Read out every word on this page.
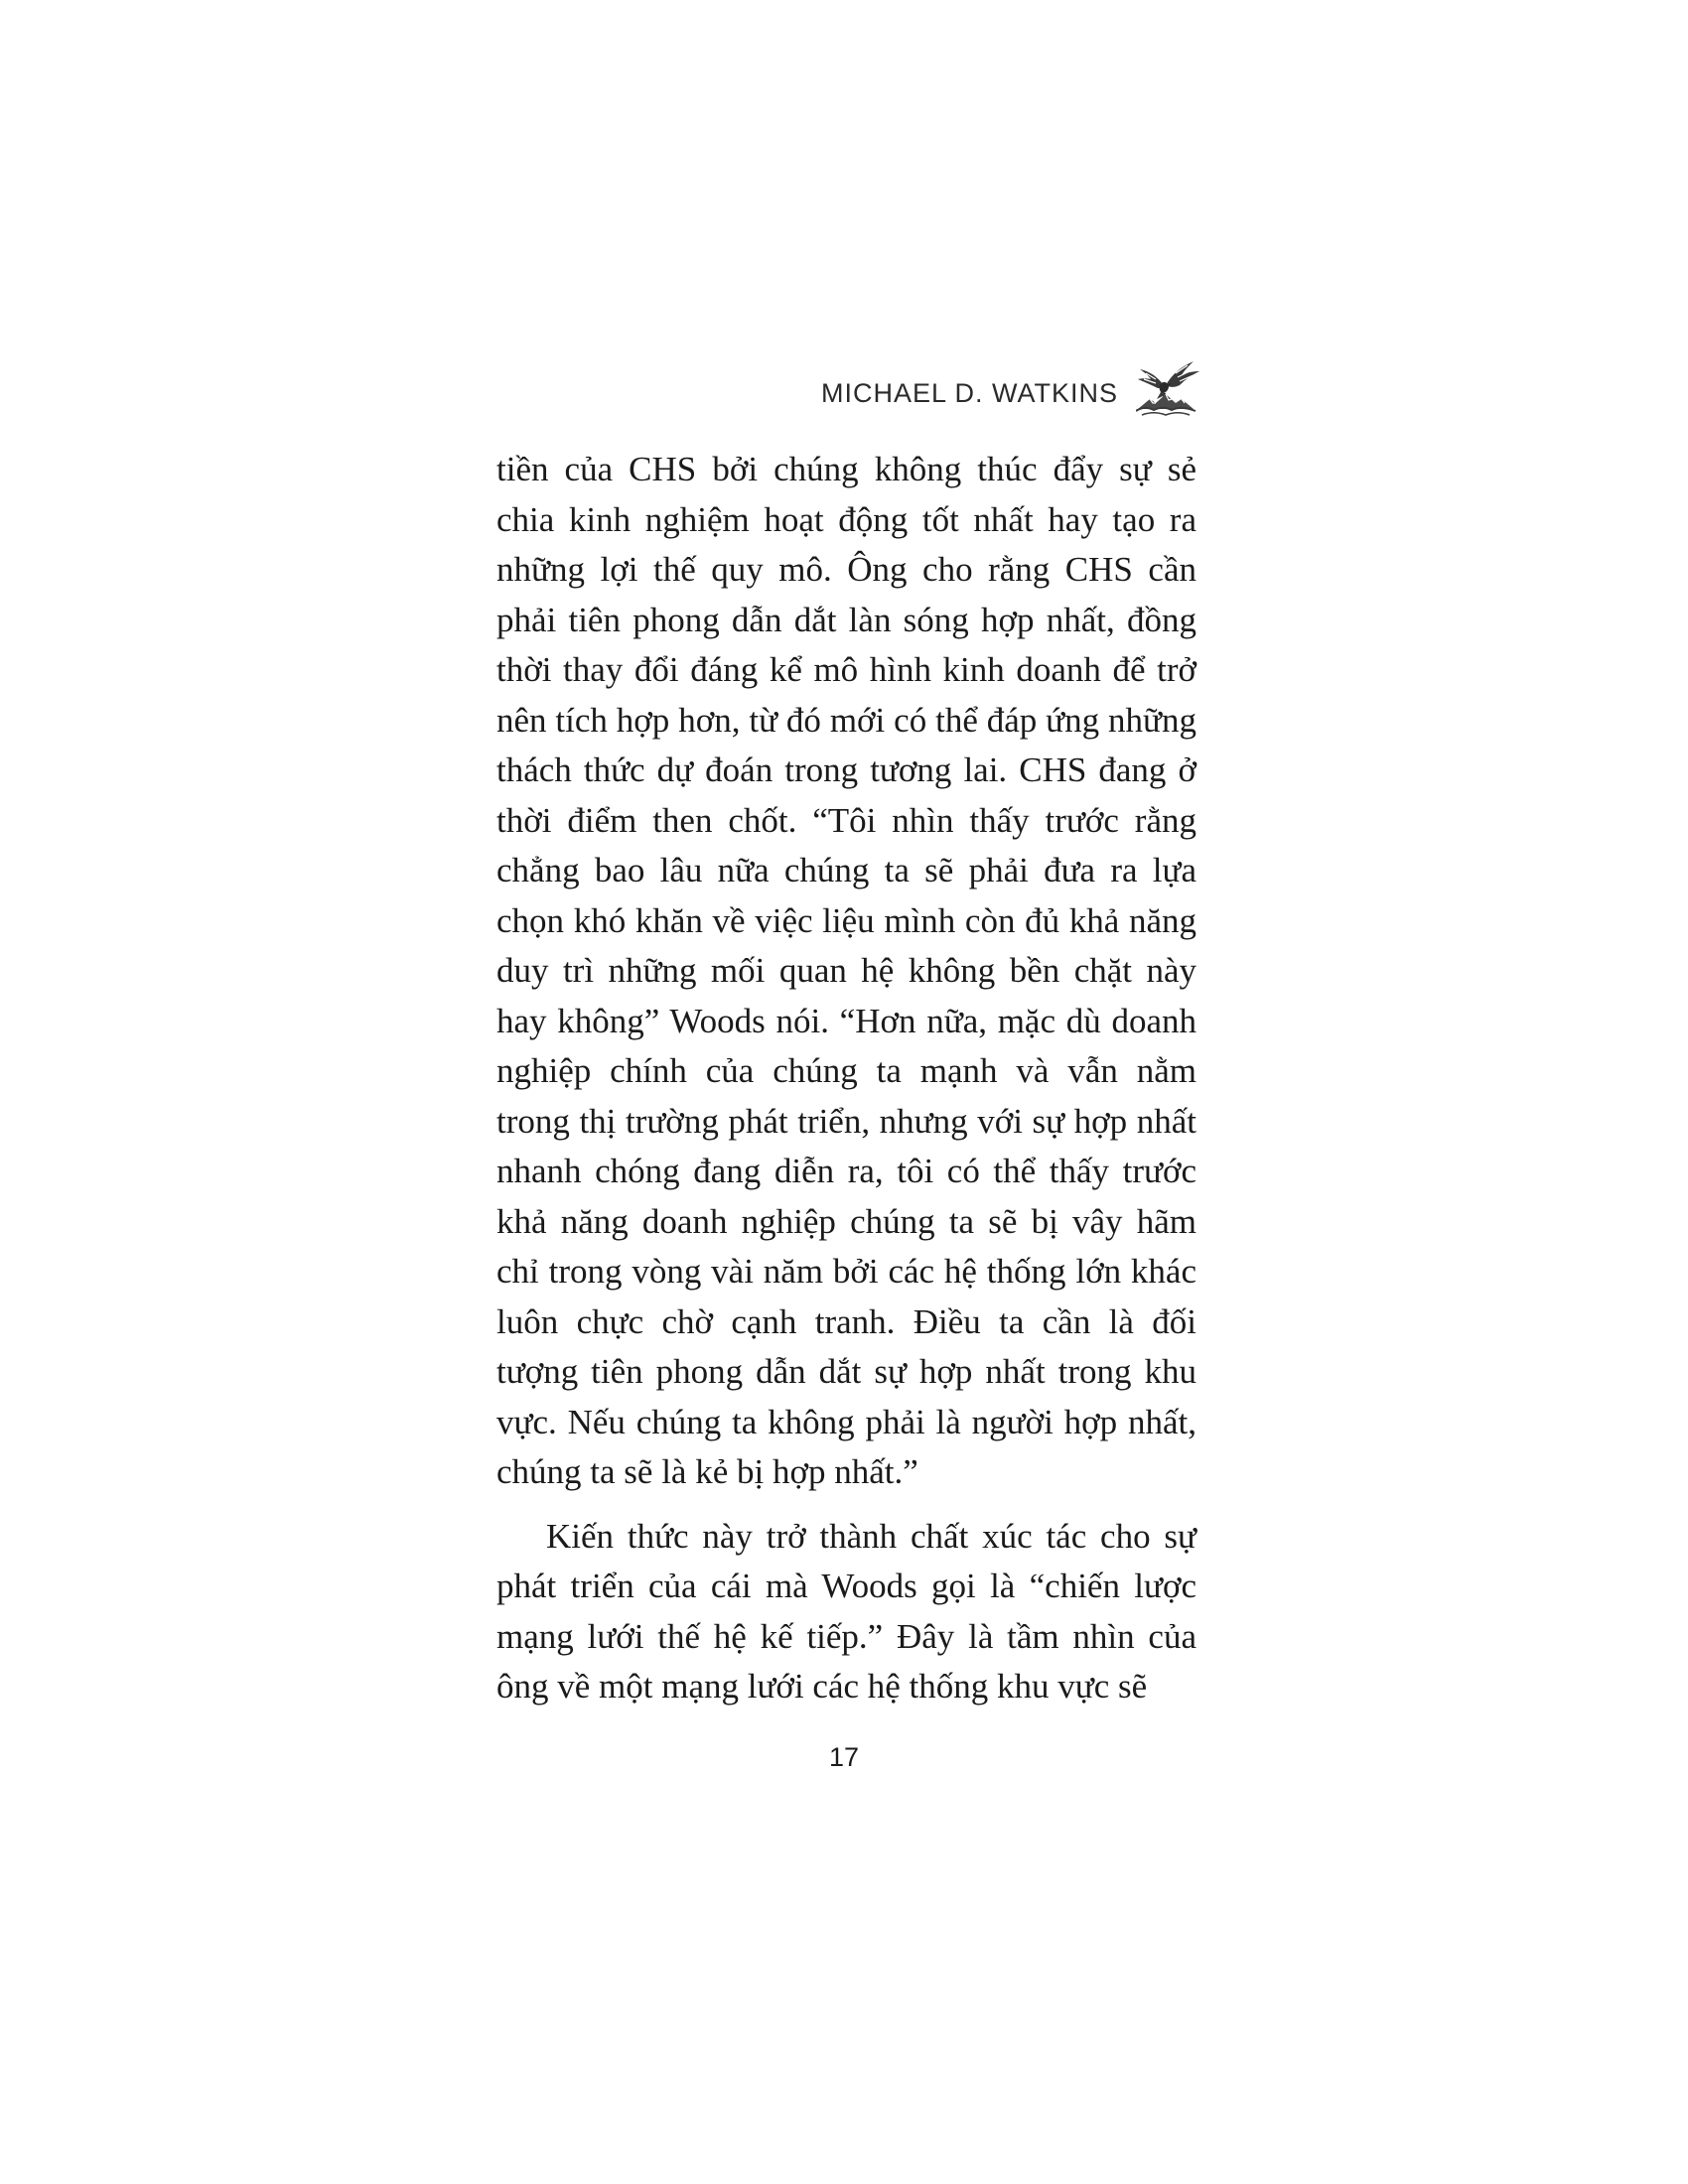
MICHAEL D. WATKINS

tiền của CHS bởi chúng không thúc đẩy sự sẻ chia kinh nghiệm hoạt động tốt nhất hay tạo ra những lợi thế quy mô. Ông cho rằng CHS cần phải tiên phong dẫn dắt làn sóng hợp nhất, đồng thời thay đổi đáng kể mô hình kinh doanh để trở nên tích hợp hơn, từ đó mới có thể đáp ứng những thách thức dự đoán trong tương lai. CHS đang ở thời điểm then chốt. “Tôi nhìn thấy trước rằng chẳng bao lâu nữa chúng ta sẽ phải đưa ra lựa chọn khó khăn về việc liệu mình còn đủ khả năng duy trì những mối quan hệ không bền chặt này hay không” Woods nói. “Hơn nữa, mặc dù doanh nghiệp chính của chúng ta mạnh và vẫn nằm trong thị trường phát triển, nhưng với sự hợp nhất nhanh chóng đang diễn ra, tôi có thể thấy trước khả năng doanh nghiệp chúng ta sẽ bị vây hãm chỉ trong vòng vài năm bởi các hệ thống lớn khác luôn chực chờ cạnh tranh. Điều ta cần là đối tượng tiên phong dẫn dắt sự hợp nhất trong khu vực. Nếu chúng ta không phải là người hợp nhất, chúng ta sẽ là kẻ bị hợp nhất.”

Kiến thức này trở thành chất xúc tác cho sự phát triển của cái mà Woods gọi là “chiến lược mạng lưới thế hệ kế tiếp.” Đây là tầm nhìn của ông về một mạng lưới các hệ thống khu vực sẽ

17
